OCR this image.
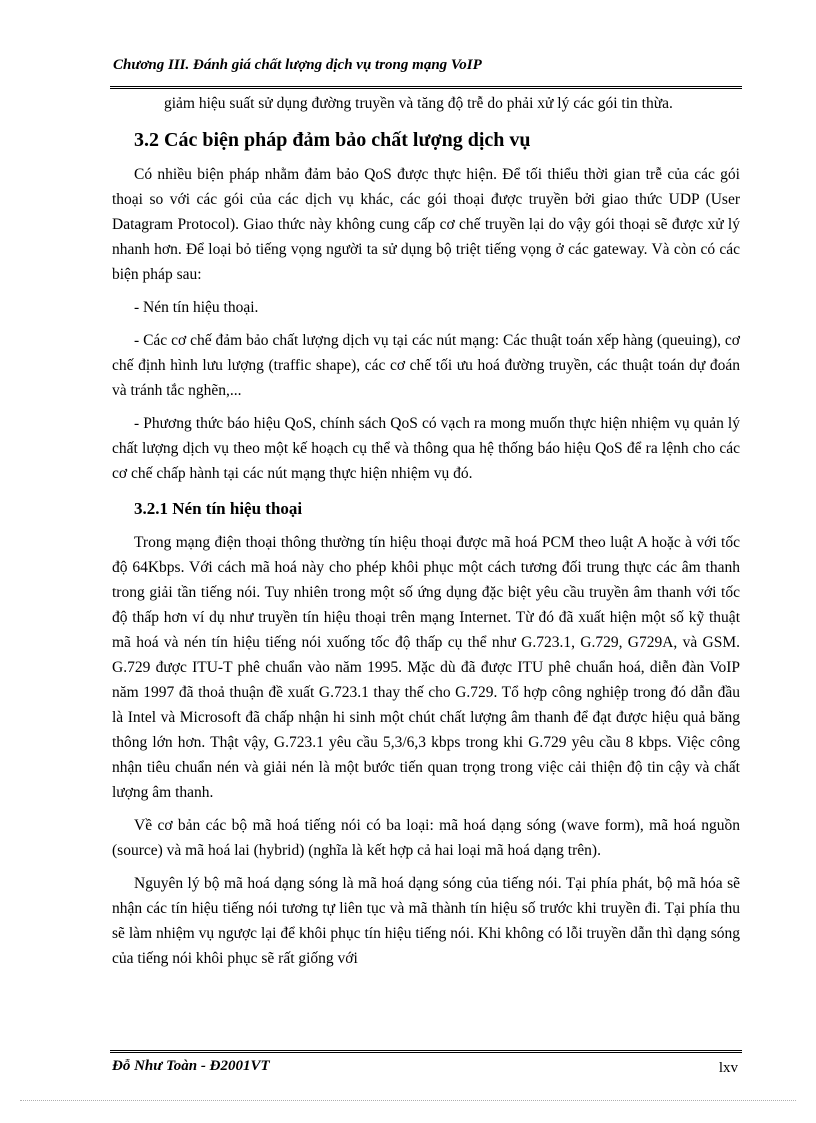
Chương III. Đánh giá chất lượng dịch vụ trong mạng VoIP

giảm hiệu suất sử dụng đường truyền và tăng độ trễ do phải xử lý các gói tin thừa.

3.2 Các biện pháp đảm bảo chất lượng dịch vụ

Có nhiều biện pháp nhằm đảm bảo QoS được thực hiện. Để tối thiểu thời gian trễ của các gói thoại so với các gói của các dịch vụ khác, các gói thoại được truyền bởi giao thức UDP (User Datagram Protocol). Giao thức này không cung cấp cơ chế truyền lại do vậy gói thoại sẽ được xử lý nhanh hơn. Để loại bỏ tiếng vọng người ta sử dụng bộ triệt tiếng vọng ở các gateway. Và còn có các biện pháp sau:

- Nén tín hiệu thoại.

- Các cơ chế đảm bảo chất lượng dịch vụ tại các nút mạng: Các thuật toán xếp hàng (queuing), cơ chế định hình lưu lượng (traffic shape), các cơ chế tối ưu hoá đường truyền, các thuật toán dự đoán và tránh tắc nghẽn,...

- Phương thức báo hiệu QoS, chính sách QoS có vạch ra mong muốn thực hiện nhiệm vụ quản lý chất lượng dịch vụ theo một kế hoạch cụ thể và thông qua hệ thống báo hiệu QoS để ra lệnh cho các cơ chế chấp hành tại các nút mạng thực hiện nhiệm vụ đó.

3.2.1 Nén tín hiệu thoại

Trong mạng điện thoại thông thường tín hiệu thoại được mã hoá PCM theo luật A hoặc à với tốc độ 64Kbps. Với cách mã hoá này cho phép khôi phục một cách tương đối trung thực các âm thanh trong giải tần tiếng nói. Tuy nhiên trong một số ứng dụng đặc biệt yêu cầu truyền âm thanh với tốc độ thấp hơn ví dụ như truyền tín hiệu thoại trên mạng Internet. Từ đó đã xuất hiện một số kỹ thuật mã hoá và nén tín hiệu tiếng nói xuống tốc độ thấp cụ thể như G.723.1, G.729, G729A, và GSM. G.729 được ITU-T phê chuẩn vào năm 1995. Mặc dù đã được ITU phê chuẩn hoá, diễn đàn VoIP năm 1997 đã thoả thuận đề xuất G.723.1 thay thế cho G.729. Tổ hợp công nghiệp trong đó dẫn đầu là Intel và Microsoft đã chấp nhận hi sinh một chút chất lượng âm thanh để đạt được hiệu quả băng thông lớn hơn. Thật vậy, G.723.1 yêu cầu 5,3/6,3 kbps trong khi G.729 yêu cầu 8 kbps. Việc công nhận tiêu chuẩn nén và giải nén là một bước tiến quan trọng trong việc cải thiện độ tin cậy và chất lượng âm thanh.

Về cơ bản các bộ mã hoá tiếng nói có ba loại: mã hoá dạng sóng (wave form), mã hoá nguồn (source) và mã hoá lai (hybrid) (nghĩa là kết hợp cả hai loại mã hoá dạng trên).

Nguyên lý bộ mã hoá dạng sóng là mã hoá dạng sóng của tiếng nói. Tại phía phát, bộ mã hóa sẽ nhận các tín hiệu tiếng nói tương tự liên tục và mã thành tín hiệu số trước khi truyền đi. Tại phía thu sẽ làm nhiệm vụ ngược lại để khôi phục tín hiệu tiếng nói. Khi không có lỗi truyền dẫn thì dạng sóng của tiếng nói khôi phục sẽ rất giống với

Đỗ Như Toàn - Đ2001VT	lxv
